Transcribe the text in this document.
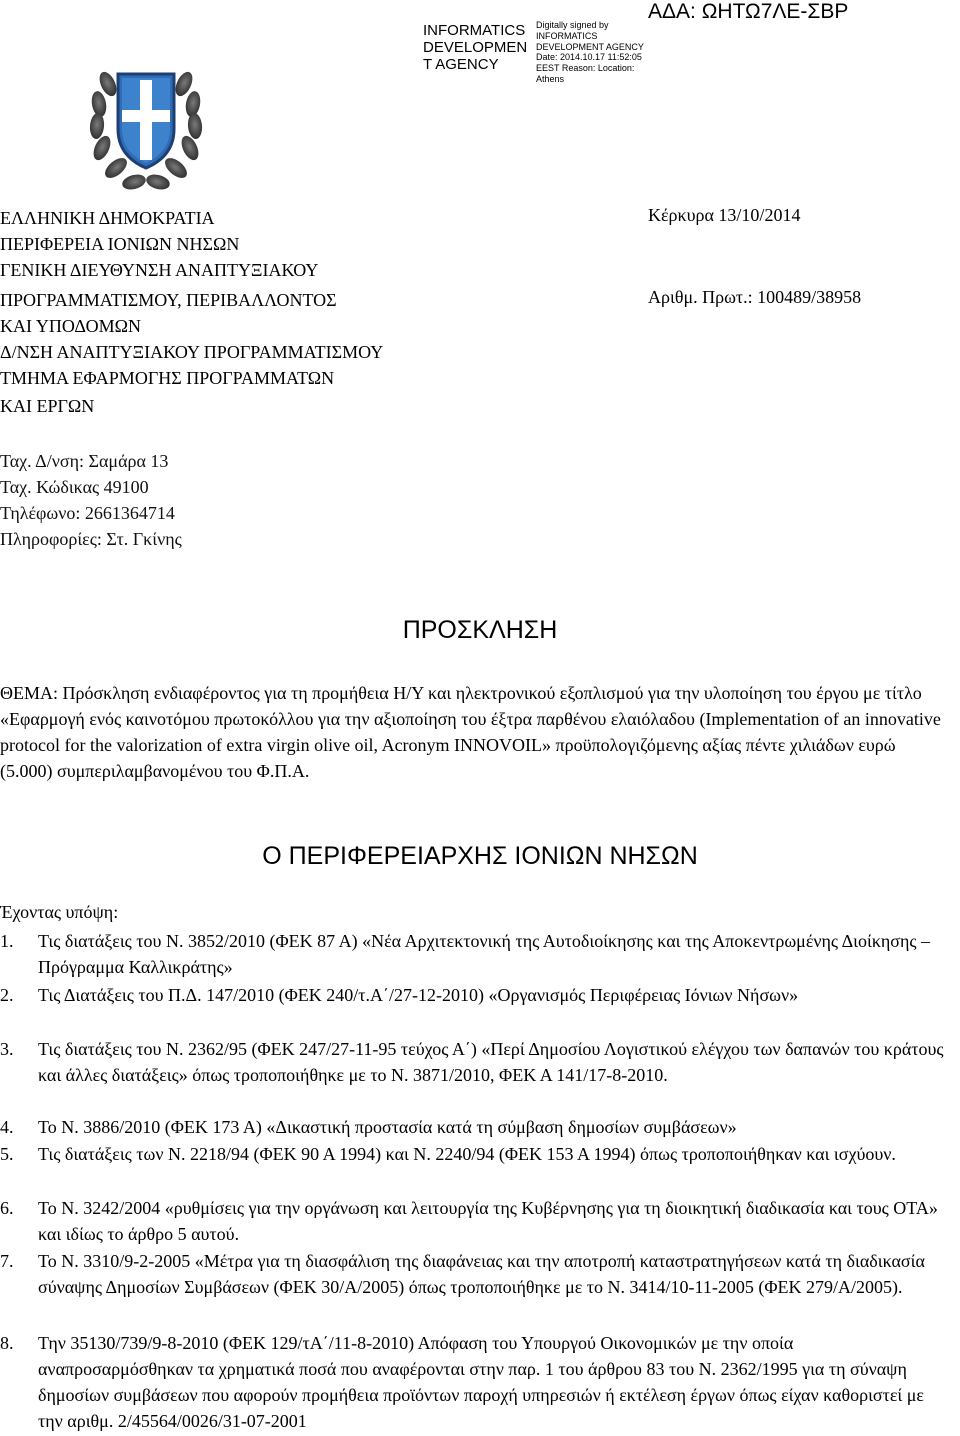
INFORMATICS DEVELOPMEN T AGENCY
Digitally signed by INFORMATICS DEVELOPMENT AGENCY Date: 2014.10.17 11:52:05 EEST Reason: Location: Athens
ΑΔΑ: ΩΗΤΩ7ΛΕ-ΣΒΡ
ΕΛΛΗΝΙΚΗ ΔΗΜΟΚΡΑΤΙΑ
ΠΕΡΙΦΕΡΕΙΑ ΙΟΝΙΩΝ ΝΗΣΩΝ
ΓΕΝΙΚΗ ΔΙΕΥΘΥΝΣΗ ΑΝΑΠΤΥΞΙΑΚΟΥ
ΠΡΟΓΡΑΜΜΑΤΙΣΜΟΥ, ΠΕΡΙΒΑΛΛΟΝΤΟΣ
ΚΑΙ ΥΠΟΔΟΜΩΝ
Δ/ΝΣΗ ΑΝΑΠΤΥΞΙΑΚΟΥ ΠΡΟΓΡΑΜΜΑΤΙΣΜΟΥ
ΤΜΗΜΑ ΕΦΑΡΜΟΓΗΣ ΠΡΟΓΡΑΜΜΑΤΩΝ
ΚΑΙ ΕΡΓΩΝ
Κέρκυρα 13/10/2014
Αριθμ. Πρωτ.: 100489/38958
Ταχ. Δ/νση: Σαμάρα 13
Ταχ. Κώδικας 49100
Τηλέφωνο: 2661364714
Πληροφορίες: Στ. Γκίνης
ΠΡΟΣΚΛΗΣΗ

ΘΕΜΑ: Πρόσκληση ενδιαφέροντος για τη προμήθεια Η/Υ και ηλεκτρονικού εξοπλισμού για την υλοποίηση του έργου με τίτλο «Εφαρμογή ενός καινοτόμου πρωτοκόλλου για την αξιοποίηση του έξτρα παρθένου ελαιόλαδου (Implementation of an innovative protocol for the valorization of extra virgin olive oil, Acronym INNOVOIL» προϋπολογιζόμενης αξίας πέντε χιλιάδων ευρώ (5.000) συμπεριλαμβανομένου του Φ.Π.Α.

Ο ΠΕΡΙΦΕΡΕΙΑΡΧΗΣ ΙΟΝΙΩΝ ΝΗΣΩΝ
Έχοντας υπόψη:
1. Τις διατάξεις του Ν. 3852/2010 (ΦΕΚ 87 Α) «Νέα Αρχιτεκτονική της Αυτοδιοίκησης και της Αποκεντρωμένης Διοίκησης – Πρόγραμμα Καλλικράτης»
2. Τις Διατάξεις του Π.Δ. 147/2010 (ΦΕΚ 240/τ.Α΄/27-12-2010) «Οργανισμός Περιφέρειας Ιόνιων Νήσων»
3. Τις διατάξεις του Ν. 2362/95 (ΦΕΚ 247/27-11-95 τεύχος Α΄) «Περί Δημοσίου Λογιστικού ελέγχου των δαπανών του κράτους και άλλες διατάξεις» όπως τροποποιήθηκε με το Ν. 3871/2010, ΦΕΚ Α 141/17-8-2010.
4. Το Ν. 3886/2010 (ΦΕΚ 173 Α) «Δικαστική προστασία κατά τη σύμβαση δημοσίων συμβάσεων»
5. Τις διατάξεις των Ν. 2218/94 (ΦΕΚ 90 Α 1994) και Ν. 2240/94 (ΦΕΚ 153 Α 1994) όπως τροποποιήθηκαν και ισχύουν.
6. Το Ν. 3242/2004 «ρυθμίσεις για την οργάνωση και λειτουργία της Κυβέρνησης για τη διοικητική διαδικασία και τους ΟΤΑ» και ιδίως το άρθρο 5 αυτού.
7. Το Ν. 3310/9-2-2005 «Μέτρα για τη διασφάλιση της διαφάνειας και την αποτροπή καταστρατηγήσεων κατά τη διαδικασία σύναψης Δημοσίων Συμβάσεων (ΦΕΚ 30/Α/2005) όπως τροποποιήθηκε με το Ν. 3414/10-11-2005 (ΦΕΚ 279/Α/2005).
8. Την 35130/739/9-8-2010 (ΦΕΚ 129/τΑ΄/11-8-2010) Απόφαση του Υπουργού Οικονομικών με την οποία αναπροσαρμόσθηκαν τα χρηματικά ποσά που αναφέρονται στην παρ. 1 του άρθρου 83 του Ν. 2362/1995 για τη σύναψη δημοσίων συμβάσεων που αφορούν προμήθεια προϊόντων παροχή υπηρεσιών ή εκτέλεση έργων όπως είχαν καθοριστεί με την αριθμ. 2/45564/0026/31-07-2001
